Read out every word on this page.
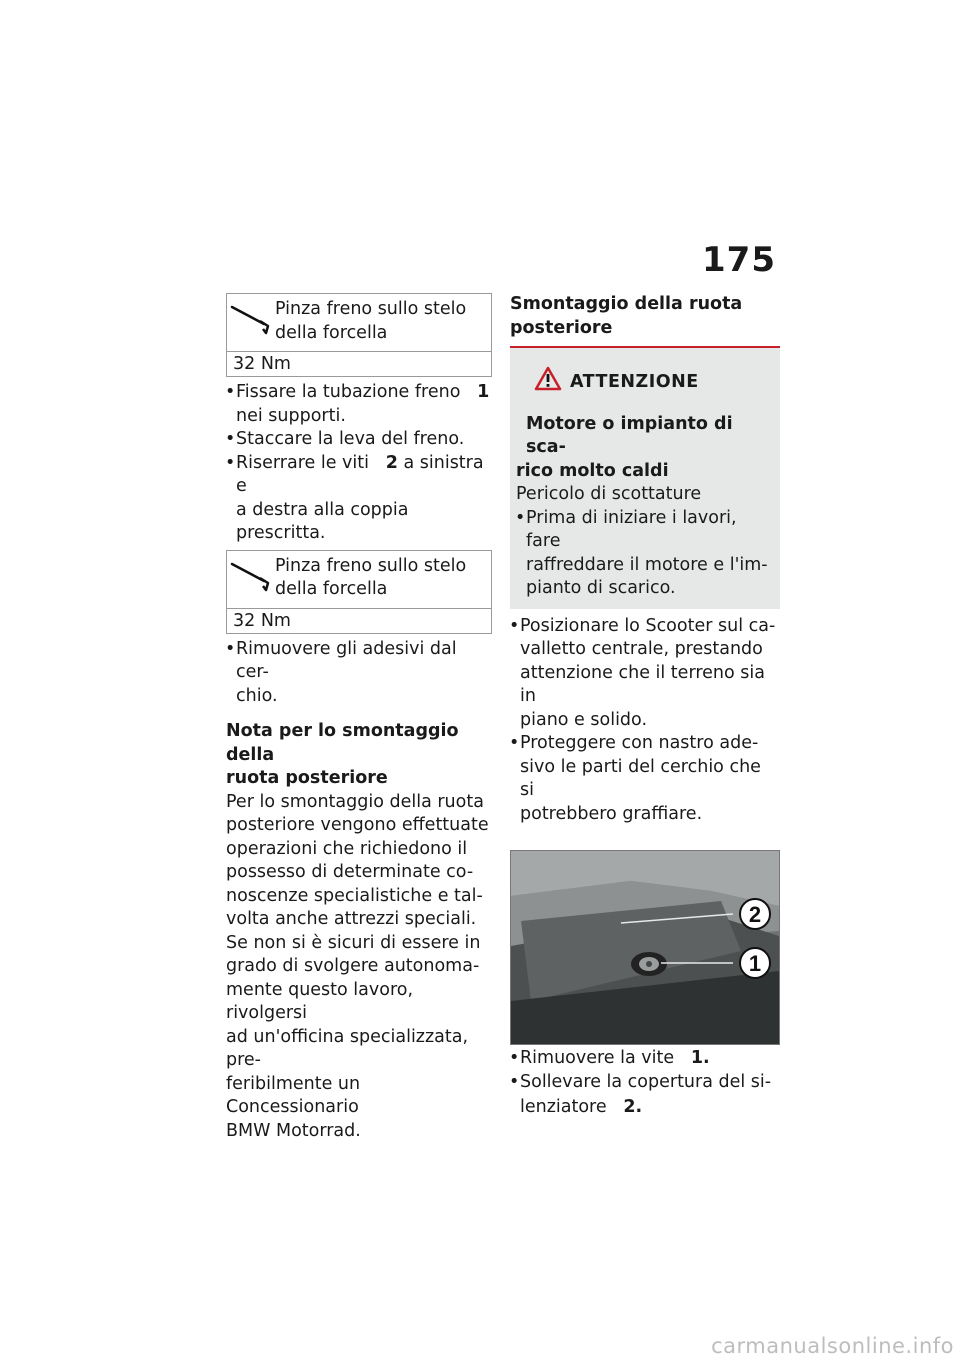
175
Pinza freno sullo stelo
della forcella
32 Nm
• Fissare la tubazione freno 1
nei supporti.
• Staccare la leva del freno.
• Riserrare le viti 2 a sinistra e
a destra alla coppia prescritta.
Pinza freno sullo stelo
della forcella
32 Nm
• Rimuovere gli adesivi dal cer-
chio.
Nota per lo smontaggio della
ruota posteriore
Per lo smontaggio della ruota
posteriore vengono effettuate
operazioni che richiedono il
possesso di determinate co-
noscenze specialistiche e tal-
volta anche attrezzi speciali.
Se non si è sicuri di essere in
grado di svolgere autonoma-
mente questo lavoro, rivolgersi
ad un'officina specializzata, pre-
feribilmente un Concessionario
BMW Motorrad.
Smontaggio della ruota
posteriore
ATTENZIONE
Motore o impianto di sca-
rico molto caldi
Pericolo di scottature
• Prima di iniziare i lavori, fare
raffreddare il motore e l'im-
pianto di scarico.
• Posizionare lo Scooter sul ca-
valletto centrale, prestando
attenzione che il terreno sia in
piano e solido.
• Proteggere con nastro ade-
sivo le parti del cerchio che si
potrebbero graffiare.
2
1
• Rimuovere la vite 1.
• Sollevare la copertura del si-
lenziatore 2.
carmanualsonline.info
